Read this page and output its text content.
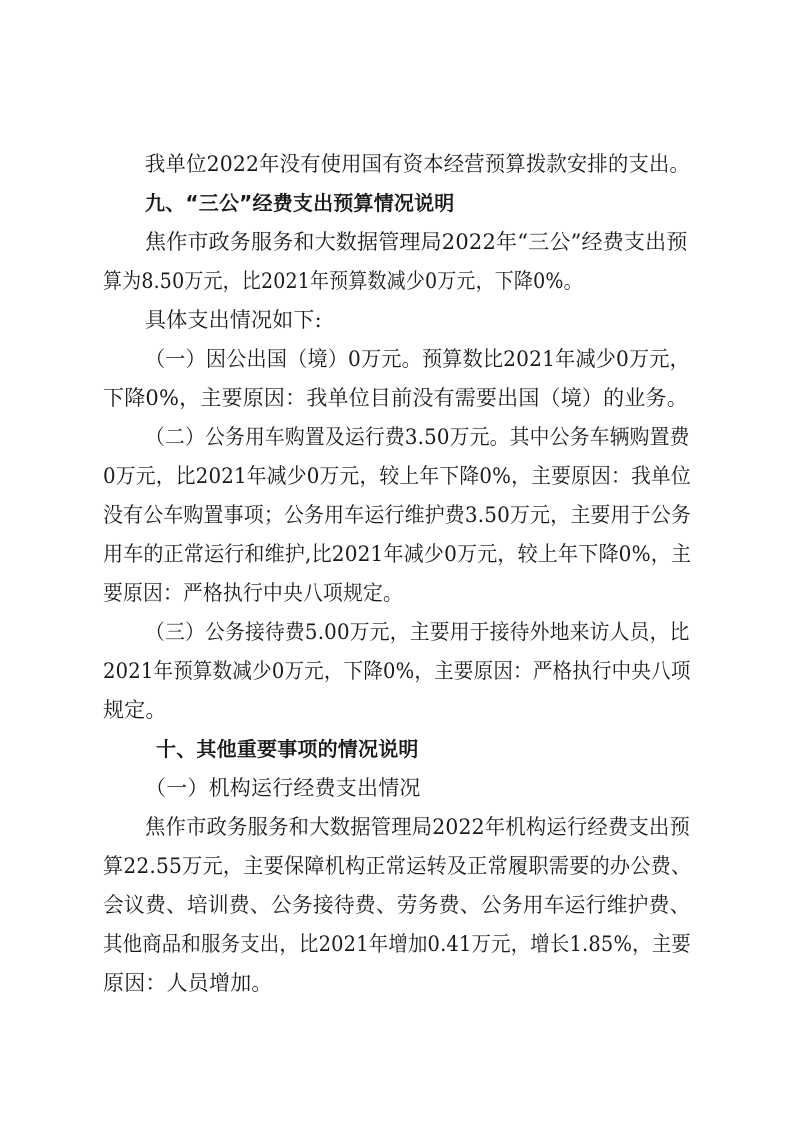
我单位2022年没有使用国有资本经营预算拨款安排的支出。
九、“三公”经费支出预算情况说明
焦作市政务服务和大数据管理局2022年“三公”经费支出预
算为8.50万元，比2021年预算数减少0万元，下降0%。
具体支出情况如下:
（一）因公出国（境）0万元。预算数比2021年减少0万元，
下降0%，主要原因：我单位目前没有需要出国（境）的业务。
（二）公务用车购置及运行费3.50万元。其中公务车辆购置费
0万元，比2021年减少0万元，较上年下降0%，主要原因：我单位
没有公车购置事项；公务用车运行维护费3.50万元，主要用于公务
用车的正常运行和维护,比2021年减少0万元，较上年下降0%，主
要原因：严格执行中央八项规定。
（三）公务接待费5.00万元，主要用于接待外地来访人员，比
2021年预算数减少0万元，下降0%，主要原因：严格执行中央八项
规定。
十、其他重要事项的情况说明
（一）机构运行经费支出情况
焦作市政务服务和大数据管理局2022年机构运行经费支出预
算22.55万元，主要保障机构正常运转及正常履职需要的办公费、
会议费、培训费、公务接待费、劳务费、公务用车运行维护费、
其他商品和服务支出，比2021年增加0.41万元，增长1.85%，主要
原因：人员增加。
